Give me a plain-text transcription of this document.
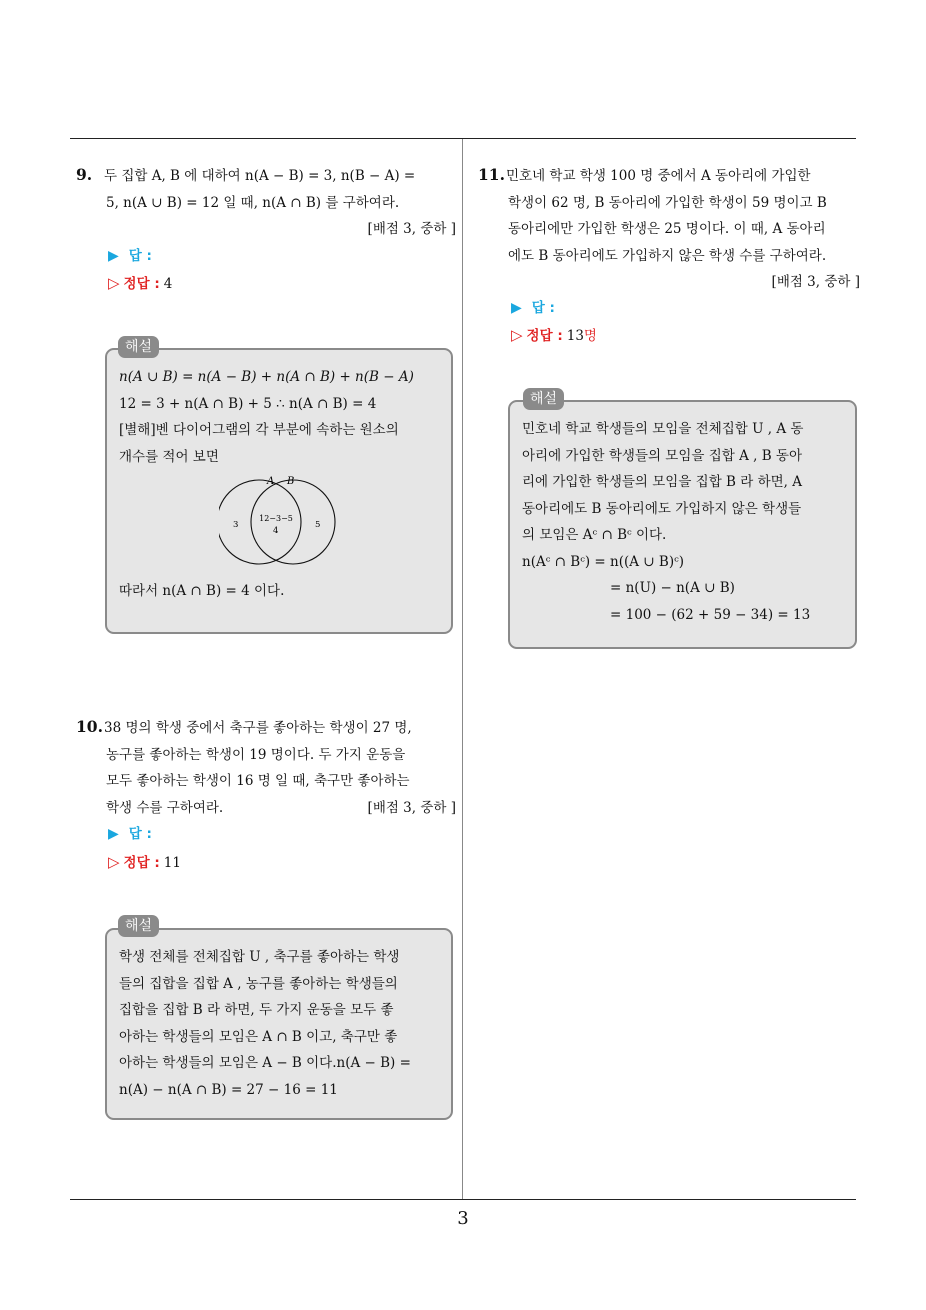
9. 두 집합 A, B 에 대하여 n(A − B) = 3, n(B − A) =
5, n(A ∪ B) = 12 일 때, n(A ∩ B) 를 구하여라.
[배점 3, 중하 ]
▶ 답 :
▷ 정답 : 4
n(A ∪ B) = n(A − B) + n(A ∩ B) + n(B − A)
12 = 3 + n(A ∩ B) + 5 ∴ n(A ∩ B) = 4
[별해]벤 다이어그램의 각 부분에 속하는 원소의
개수를 적어 보면
A B
3
12−3−5
4
5
따라서 n(A ∩ B) = 4 이다.
해설
10.38 명의 학생 중에서 축구를 좋아하는 학생이 27 명,
농구를 좋아하는 학생이 19 명이다. 두 가지 운동을
모두 좋아하는 학생이 16 명 일 때, 축구만 좋아하는
학생 수를 구하여라.	[배점 3, 중하 ]
▶ 답 :
▷ 정답 : 11
학생 전체를 전체집합 U , 축구를 좋아하는 학생
들의 집합을 집합 A , 농구를 좋아하는 학생들의
집합을 집합 B 라 하면, 두 가지 운동을 모두 좋
아하는 학생들의 모임은 A ∩ B 이고, 축구만 좋
아하는 학생들의 모임은 A − B 이다.n(A − B) =
n(A) − n(A ∩ B) = 27 − 16 = 11
해설
11.민호네 학교 학생 100 명 중에서 A 동아리에 가입한
학생이 62 명, B 동아리에 가입한 학생이 59 명이고 B
동아리에만 가입한 학생은 25 명이다. 이 때, A 동아리
에도 B 동아리에도 가입하지 않은 학생 수를 구하여라.
[배점 3, 중하 ]
▶ 답 :
▷ 정답 : 13명
민호네 학교 학생들의 모임을 전체집합 U , A 동
아리에 가입한 학생들의 모임을 집합 A , B 동아
리에 가입한 학생들의 모임을 집합 B 라 하면, A
동아리에도 B 동아리에도 가입하지 않은 학생들
의 모임은 Aᶜ ∩ Bᶜ 이다.
n(Aᶜ ∩ Bᶜ) = n((A ∪ B)ᶜ)
= n(U) − n(A ∪ B)
= 100 − (62 + 59 − 34) = 13
해설
3
